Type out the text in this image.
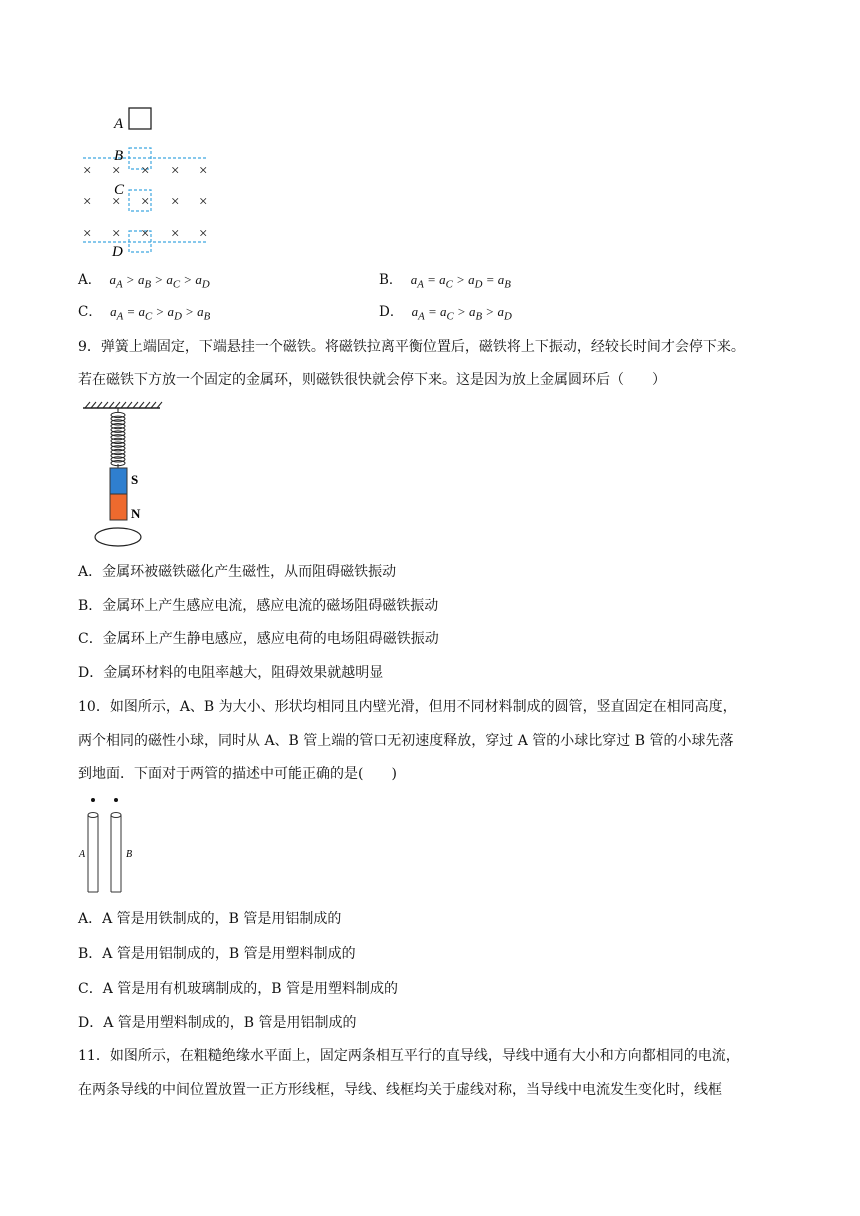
A
B
C
D
× × × × ×
× × × × ×
× × × × ×
A． $a_A > a_B > a_C > a_D$	B． $a_A = a_C > a_D = a_B$
C． $a_A = a_C > a_D > a_B$	D． $a_A = a_C > a_B > a_D$
9．弹簧上端固定，下端悬挂一个磁铁。将磁铁拉离平衡位置后，磁铁将上下振动，经较长时间才会停下来。
若在磁铁下方放一个固定的金属环，则磁铁很快就会停下来。这是因为放上金属圆环后（　　）
S
N
A．金属环被磁铁磁化产生磁性，从而阻碍磁铁振动
B．金属环上产生感应电流，感应电流的磁场阻碍磁铁振动
C．金属环上产生静电感应，感应电荷的电场阻碍磁铁振动
D．金属环材料的电阻率越大，阻碍效果就越明显
10．如图所示，A、B 为大小、形状均相同且内壁光滑，但用不同材料制成的圆管，竖直固定在相同高度，
两个相同的磁性小球，同时从 A、B 管上端的管口无初速度释放，穿过 A 管的小球比穿过 B 管的小球先落
到地面．下面对于两管的描述中可能正确的是(　　)
A	B
A．A 管是用铁制成的，B 管是用铝制成的
B．A 管是用铝制成的，B 管是用塑料制成的
C．A 管是用有机玻璃制成的，B 管是用塑料制成的
D．A 管是用塑料制成的，B 管是用铝制成的
11．如图所示，在粗糙绝缘水平面上，固定两条相互平行的直导线，导线中通有大小和方向都相同的电流，
在两条导线的中间位置放置一正方形线框，导线、线框均关于虚线对称，当导线中电流发生变化时，线框
